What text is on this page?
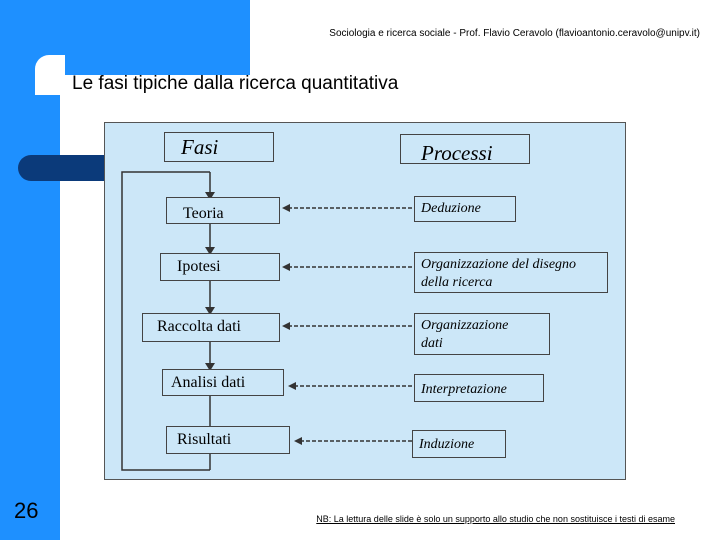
Sociologia e ricerca sociale - Prof. Flavio Ceravolo (flavioantonio.ceravolo@unipv.it)
Le fasi tipiche dalla ricerca quantitativa
Fasi	Processi
Teoria
Ipotesi
Raccolta dati
Analisi dati
Risultati
Deduzione
Organizzazione del disegno della ricerca
Organizzazione dati
Interpretazione
Induzione
26	NB: La lettura delle slide è solo un supporto allo studio che non sostituisce i testi di esame
